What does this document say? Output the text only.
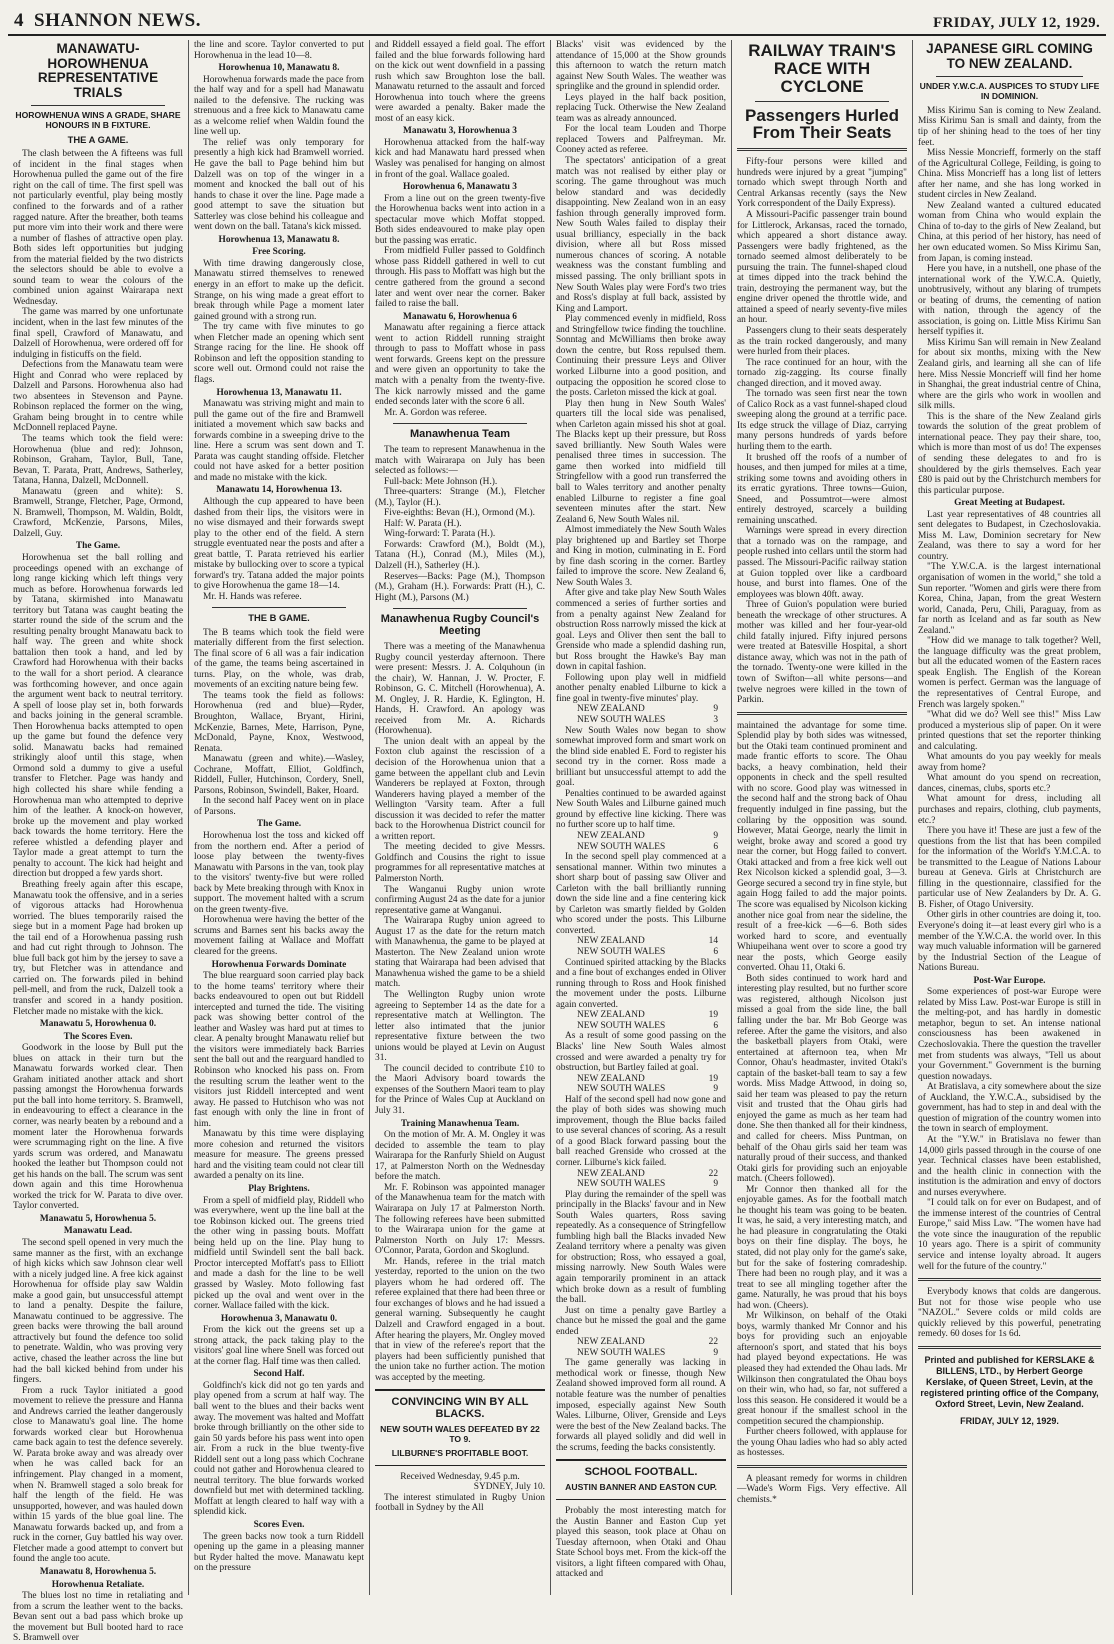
4 SHANNON NEWS.	FRIDAY, JULY 12, 1929.
MANAWATU-HOROWHENUA REPRESENTATIVE TRIALS
HOROWHENUA WINS A GRADE, SHARE HONOURS IN B FIXTURE.
THE A GAME.

The clash between the A fifteens was full of incident in the final stages when Horowhenua pulled the game out of the fire right on the call of time. The first spell was not particularly eventful, play being mostly confined to the forwards and of a rather ragged nature. After the breather, both teams put more vim into their work and there were a number of flashes of attractive open play. Both sides left opportunities but judging from the material fielded by the two districts the selectors should be able to evolve a sound team to wear the colours of the combined union against Wairarapa next Wednesday.

The game was marred by one unfortunate incident, when in the last few minutes of the final spell, Crawford of Manawatu, and Dalzell of Horowhenua, were ordered off for indulging in fisticuffs on the field.

Defections from the Manawatu team were Hight and Conrad who were replaced by Dalzell and Parsons. Horowhenua also had two absentees in Stevenson and Payne. Robinson replaced the former on the wing, Graham being brought in to centre while McDonnell replaced Payne.

The teams which took the field were: Horowhenua (blue and red): Johnson, Robinson, Graham, Taylor, Bull, Tane, Bevan, T. Parata, Pratt, Andrews, Satherley, Tatana, Hanna, Dalzell, McDonnell.

Manawatu (green and white): S. Bramwell, Strange, Fletcher, Page, Ormond, N. Bramwell, Thompson, M. Waldin, Boldt, Crawford, McKenzie, Parsons, Miles, Dalzell, Guy.

The Game.

Horowhenua set the ball rolling and proceedings opened with an exchange of long range kicking which left things very much as before. Horowhenua forwards led by Tatana, skirmished into Manawatu territory but Tatana was caught beating the starter round the side of the scrum and the resulting penalty brought Manawatu back to half way. The green and white shock battalion then took a hand, and led by Crawford had Horowhenua with their backs to the wall for a short period. A clearance was forthcoming however, and once again the argument went back to neutral territory. A spell of loose play set in, both forwards and backs joining in the general scramble. Then Horowhenua backs attempted to open up the game but found the defence very solid. Manawatu backs had remained strikingly aloof until this stage, when Ormond sold a dummy to give a useful transfer to Fletcher. Page was handy and high collected his share while fending a Horowhenua man who attempted to deprive him of the leather. A knock-on however, broke up the movement and play worked back towards the home territory. Here the referee whistled a defending player and Taylor made a great attempt to turn the penalty to account. The kick had height and direction but dropped a few yards short.

Breathing freely again after this escape, Manawatu took the offensive, and in a series of vigorous attacks had Horowhenua worried. The blues temporarily raised the siege but in a moment Page had broken up the tail end of a Horowhenua passing rush and had cut right through to Johnson. The blue full back got him by the jersey to save a try, but Fletcher was in attendance and carried on. The forwards piled in behind pell-mell, and from the ruck, Dalzell took a transfer and scored in a handy position. Fletcher made no mistake with the kick.

Manawatu 5, Horowhenua 0.

The Scores Even.

Goodwork in the loose by Bull put the blues on attack in their turn but the Manawatu forwards worked clear. Then Graham initiated another attack and short passing amongst the Horowhenua forwards put the ball into home territory. S. Bramwell, in endeavouring to effect a clearance in the corner, was nearly beaten by a rebound and a moment later the Horowhenua forwards were scrummaging right on the line. A five yards scrum was ordered, and Manawatu hooked the leather but Thompson could not get his hands on the ball. The scrum was sent down again and this time Horowhenua worked the trick for W. Parata to dive over. Taylor converted.

Manawatu 5, Horowhenua 5.

Manawatu Lead.

The second spell opened in very much the same manner as the first, with an exchange of high kicks which saw Johnson clear well with a nicely judged line. A free kick against Horowhenua for offside play saw Waldin make a good gain, but unsuccessful attempt to land a penalty. Despite the failure, Manawatu continued to be aggressive. The green backs were throwing the ball around attractively but found the defence too solid to penetrate. Waldin, who was proving very active, chased the leather across the line but had the ball kicked behind from under his fingers.

From a ruck Taylor initiated a good movement to relieve the pressure and Hanna and Andrews carried the leather dangerously close to Manawatu's goal line. The home forwards worked clear but Horowhenua came back again to test the defence severely. W. Parata broke away and was already over when he was called back for an infringement. Play changed in a moment, when N. Bramwell staged a solo break for half the length of the field. He was unsupported, however, and was hauled down within 15 yards of the blue goal line. The Manawatu forwards backed up, and from a ruck in the corner, Guy battled his way over. Fletcher made a good attempt to convert but found the angle too acute.

Manawatu 8, Horowhenua 5.

Horowhenua Retaliate.

The blues lost no time in retaliating and from a scrum the leather went to the backs. Bevan sent out a bad pass which broke up the movement but Bull booted hard to race S. Bramwell over

the line and score. Taylor converted to put Horowhenua in the lead 10—8.

Horowhenua 10, Manawatu 8.

Horowhenua forwards made the pace from the half way and for a spell had Manawatu nailed to the defensive. The rucking was strenuous and a free kick to Manawatu came as a welcome relief when Waldin found the line well up.

The relief was only temporary for presently a high kick had Bramwell worried. He gave the ball to Page behind him but Dalzell was on top of the winger in a moment and knocked the ball out of his hands to chase it over the line. Page made a good attempt to save the situation but Satterley was close behind his colleague and went down on the ball. Tatana's kick missed.

Horowhenua 13, Manawatu 8.

Free Scoring.

With time drawing dangerously close, Manawatu stirred themselves to renewed energy in an effort to make up the deficit. Strange, on his wing made a great effort to break through while Page a moment later gained ground with a strong run.

The try came with five minutes to go when Fletcher made an opening which sent Strange racing for the line. He shook off Robinson and left the opposition standing to score well out. Ormond could not raise the flags.

Horowhenua 13, Manawatu 11.

Manawatu was striving might and main to pull the game out of the fire and Bramwell initiated a movement which saw backs and forwards combine in a sweeping drive to the line. Here a scrum was sent down and T. Parata was caught standing offside. Fletcher could not have asked for a better position and made no mistake with the kick.

Manawatu 14, Horowhenua 13.

Although the cup appeared to have been dashed from their lips, the visitors were in no wise dismayed and their forwards swept play to the other end of the field. A stern struggle eventuated near the posts and after a great battle, T. Parata retrieved his earlier mistake by bullocking over to score a typical forward's try. Tatana added the major points to give Horowhenua the game 18—14.

Mr. H. Hands was referee.

THE B GAME.

The B teams which took the field were materially different from the first selection. The final score of 6 all was a fair indication of the game, the teams being ascertained in turns. Play, on the whole, was drab, movements of an exciting nature being few.

The teams took the field as follows: Horowhenua (red and blue)—Ryder, Broughton, Wallace, Bryant, Hirini, McKenzie, Barnes, Mete, Harrison, Pyne, McDonald, Payne, Knox, Westwood, Renata.

Manawatu (green and white).—Wasley, Cochrane, Moffatt, Elliot, Goldfinch, Riddell, Fuller, Hutchinson, Cordery, Snell, Parsons, Robinson, Swindell, Baker, Hoard.

In the second half Pacey went on in place of Parsons.

The Game.

Horowhenua lost the toss and kicked off from the northern end. After a period of loose play between the twenty-fives Manawatu with Parsons in the van, took play to the visitors' twenty-five but were rolled back by Mete breaking through with Knox in support. The movement halted with a scrum on the green twenty-five.

Horowhenua were having the better of the scrums and Barnes sent his backs away the movement failing at Wallace and Moffatt cleared for the greens.

Horowhenua Forwards Dominate

The blue rearguard soon carried play back to the home teams' territory where their backs endeavoured to open out but Riddell intercepted and turned the tide. The visiting pack was showing better control of the leather and Wasley was hard put at times to clear. A penalty brought Manawatu relief but the visitors were immediately back Barries sent the ball out and the rearguard handled to Robinson who knocked his pass on. From the resulting scrum the leather went to the visitors just Riddell intercepted and went away. He passed to Hutchison who was not fast enough with only the line in front of him.

Manawatu by this time were displaying more cohesion and returned the visitors measure for measure. The greens pressed hard and the visiting team could not clear till awarded a penalty on its line.

Play Brightens.

From a spell of midfield play, Riddell who was everywhere, went up the line ball at the toe Robinson kicked out. The greens tried the other wing in passing bouts. Moffatt being held up on the line. Play hung to midfield until Swindell sent the ball back. Proctor intercepted Moffatt's pass to Elliott and made a dash for the line to be well grassed by Wasley. Moto following fast picked up the oval and went over in the corner. Wallace failed with the kick.

Horowhenua 3, Manawatu 0.

From the kick out the greens set up a strong attack, the pack taking play to the visitors' goal line where Snell was forced out at the corner flag. Half time was then called.

Second Half.

Goldfinch's kick did not go ten yards and play opened from a scrum at half way. The ball went to the blues and their backs went away. The movement was halted and Moffatt broke through brilliantly on the other side to gain 50 yards before his pass went into open air. From a ruck in the blue twenty-five Riddell sent out a long pass which Cochrane could not gather and Horowhenua cleared to neutral territory. The blue forwards worked downfield but met with determined tackling. Moffatt at length cleared to half way with a splendid kick.

Scores Even.

The green backs now took a turn Riddell opening up the game in a pleasing manner but Ryder halted the move. Manawatu kept on the pressure

and Riddell essayed a field goal. The effort failed and the blue forwards following hard on the kick out went downfield in a passing rush which saw Broughton lose the ball. Manawatu returned to the assault and forced Horowhenua into touch where the greens were awarded a penalty. Baker made the most of an easy kick.

Manawatu 3, Horowhenua 3

Horowhenua attacked from the half-way kick and had Manawatu hard pressed when Wasley was penalised for hanging on almost in front of the goal. Wallace goaled.

Horowhenua 6, Manawatu 3

From a line out on the green twenty-five the Horowhenua backs went into action in a spectacular move which Moffat stopped. Both sides endeavoured to make play open but the passing was erratic.

From midfield Fuller passed to Goldfinch whose pass Riddell gathered in well to cut through. His pass to Moffatt was high but the centre gathered from the ground a second later and went over near the corner. Baker failed to raise the ball.

Manawatu 6, Horowhenua 6

Manawatu after regaining a fierce attack went to action Riddell running straight through to pass to Moffatt whose in pass went forwards. Greens kept on the pressure and were given an opportunity to take the match with a penalty from the twenty-five. The kick narrowly missed and the game ended seconds later with the score 6 all.

Mr. A. Gordon was referee.

Manawhenua Team

The team to represent Manawhenua in the match with Wairarapa on July has been selected as follows:—

Full-back: Mete Johnson (H.).

Three-quarters: Strange (M.), Fletcher (M.), Taylor (H.).

Five-eighths: Bevan (H.), Ormond (M.).

Half: W. Parata (H.).

Wing-forward: T. Parata (H.).

Forwards: Crawford (M.), Boldt (M.), Tatana (H.), Conrad (M.), Miles (M.), Dalzell (H.), Satherley (H.).

Reserves—Backs: Page (M.), Thompson (M.), Graham (H.). Forwards: Pratt (H.), C. Hight (M.), Parsons (M.)

Manawhenua Rugby Council's Meeting

There was a meeting of the Manawhenua Rugby council yesterday afternoon. There were present: Messrs. J. A. Colquhoun (in the chair), W. Hannan, J. W. Procter, F. Robinson, G. C. Mitchell (Horowhenua), A. M. Ongley, J. R. Hardie, K. Eglington, H. Hands, H. Crawford. An apology was received from Mr. A. Richards (Horowhenua).

The union dealt with an appeal by the Foxton club against the rescission of a decision of the Horowhenua union that a game between the appellant club and Levin Wanderers be replayed at Foxton, through Wanderers having played a member of the Wellington 'Varsity team. After a full discussion it was decided to refer the matter back to the Horowhenua District council for a written report.

The meeting decided to give Messrs. Goldfinch and Cousins the right to issue programmes for all representative matches at Palmerston North.

The Wanganui Rugby union wrote confirming August 24 as the date for a junior representative game at Wanganui.

The Wairarapa Rugby union agreed to August 17 as the date for the return match with Manawhenua, the game to be played at Masterton. The New Zealand union wrote stating that Wairarapa had been advised that Manawhenua wished the game to be a shield match.

The Wellington Rugby union wrote agreeing to September 14 as the date for a representative match at Wellington. The letter also intimated that the junior representative fixture between the two unions would be played at Levin on August 31.

The council decided to contribute £10 to the Maori Advisory board towards the expenses of the Southern Maori team to play for the Prince of Wales Cup at Auckland on July 31.

Training Manawhenua Team.

On the motion of Mr. A. M. Ongley it was decided to assemble the team to play Wairarapa for the Ranfurly Shield on August 17, at Palmerston North on the Wednesday before the match.

Mr. F. Robinson was appointed manager of the Manawhenua team for the match with Wairarapa on July 17 at Palmerston North. The following referees have been submitted to the Wairarapa union for the game at Palmerston North on July 17: Messrs. O'Connor, Parata, Gordon and Skoglund.

Mr. Hands, referee in the trial match yesterday, reported to the union on the two players whom he had ordered off. The referee explained that there had been three or four exchanges of blows and he had issued a general warning. Subsequently he caught Dalzell and Crawford engaged in a bout. After hearing the players, Mr. Ongley moved that in view of the referee's report that the players had been sufficiently punished that the union take no further action. The motion was accepted by the meeting.

CONVINCING WIN BY ALL BLACKS.
NEW SOUTH WALES DEFEATED BY 22 TO 9.
LILBURNE'S PROFITABLE BOOT.

Received Wednesday, 9.45 p.m.

SYDNEY, July 10.

The interest stimulated in Rugby Union football in Sydney by the All

Blacks' visit was evidenced by the attendance of 15,000 at the Show grounds this afternoon to watch the return match against New South Wales. The weather was springlike and the ground in splendid order.

Leys played in the half back position, replacing Tuck. Otherwise the New Zealand team was as already announced.

For the local team Louden and Thorpe replaced Towers and Palfreyman. Mr. Cooney acted as referee.

The spectators' anticipation of a great match was not realised by either play or scoring. The game throughout was much below standard and was decidedly disappointing. New Zealand won in an easy fashion through generally improved form. New South Wales failed to display their usual brilliancy, especially in the back division, where all but Ross missed numerous chances of scoring. A notable weakness was the constant fumbling and missed passing. The only brilliant spots in New South Wales play were Ford's two tries and Ross's display at full back, assisted by King and Lamport.

Play commenced evenly in midfield, Ross and Stringfellow twice finding the touchline. Sonntag and McWilliams then broke away down the centre, but Ross repulsed them. Continuing their pressure Leys and Oliver worked Lilburne into a good position, and outpacing the opposition he scored close to the posts. Carleton missed the kick at goal.

Play then hung in New South Wales' quarters till the local side was penalised, when Carleton again missed his shot at goal. The Blacks kept up their pressure, but Ross saved brilliantly. New South Wales were penalised three times in succession. The game then worked into midfield till Stringfellow with a good run transferred the ball to Wales territory and another penalty enabled Lilburne to register a fine goal seventeen minutes after the start. New Zealand 6, New South Wales nil.

Almost immediately the New South Wales play brightened up and Bartley set Thorpe and King in motion, culminating in E. Ford by fine dash scoring in the corner. Bartley failed to improve the score. New Zealand 6, New South Wales 3.

After give and take play New South Wales commenced a series of further sorties and from a penalty against New Zealand for obstruction Ross narrowly missed the kick at goal. Leys and Oliver then sent the ball to Grenside who made a splendid dashing run, but Ross brought the Hawke's Bay man down in capital fashion.

Following upon play well in midfield another penalty enabled Lilburne to kick a fine goal in twenty-five minutes' play.

NEW ZEALAND	9

NEW SOUTH WALES	3

New South Wales now began to show somewhat improved form and smart work on the blind side enabled E. Ford to register his second try in the corner. Ross made a brilliant but unsuccessful attempt to add the goal.

Penalties continued to be awarded against New South Wales and Lilburne gained much ground by effective line kicking. There was no further score up to half time.

NEW ZEALAND	9

NEW SOUTH WALES	6

In the second spell play commenced at a sensational manner. Within two minutes a short sharp bout of passing saw Oliver and Carleton with the ball brilliantly running down the side line and a fine centering kick by Carleton was smartly fielded by Golden who scored under the posts. This Lilburne converted.

NEW ZEALAND	14

NEW SOUTH WALES	6

Continued spirited attacking by the Blacks and a fine bout of exchanges ended in Oliver running through to Ross and Hook finished the movement under the posts. Lilburne again converted.

NEW ZEALAND	19

NEW SOUTH WALES	6

As a result of some good passing on the Blacks' line New South Wales almost crossed and were awarded a penalty try for obstruction, but Bartley failed at goal.

NEW ZEALAND	19

NEW SOUTH WALES	9

Half of the second spell had now gone and the play of both sides was showing much improvement, though the Blue backs failed to use several chances of scoring. As a result of a good Black forward passing bout the ball reached Grenside who crossed at the corner. Lilburne's kick failed.

NEW ZEALAND	22

NEW SOUTH WALES	9

Play during the remainder of the spell was principally in the Blacks' favour and in New South Wales quarters, Ross saving repeatedly. As a consequence of Stringfellow fumbling high ball the Blacks invaded New Zealand territory where a penalty was given for obstruction; Ross, who essayed a goal, missing narrowly. New South Wales were again temporarily prominent in an attack which broke down as a result of fumbling the ball.

Just on time a penalty gave Bartley a chance but he missed the goal and the game ended

NEW ZEALAND	22

NEW SOUTH WALES	9

The game generally was lacking in methodical work or finesse, though New Zealand showed improved form all round. A notable feature was the number of penalties imposed, especially against New South Wales. Lilburne, Oliver, Grenside and Leys were the best of the New Zealand backs. The forwards all played solidly and did well in the scrums, feeding the backs consistently.

SCHOOL FOOTBALL.
AUSTIN BANNER AND EASTON CUP.

Probably the most interesting match for the Austin Banner and Easton Cup yet played this season, took place at Ohau on Tuesday afternoon, when Otaki and Ohau State School boys met. From the kick-off the visitors, a light fifteen compared with Ohau, attacked and

RAILWAY TRAIN'S RACE WITH CYCLONE
Passengers Hurled From Their Seats

Fifty-four persons were killed and hundreds were injured by a great "jumping" tornado which swept through North and Central Arkansas recently (says the New York correspondent of the Daily Express).

A Missouri-Pacific passenger train bound for Littlerock, Arkansas, raced the tornado, which appeared a short distance away. Passengers were badly frightened, as the tornado seemed almost deliberately to be pursuing the train. The funnel-shaped cloud at times dipped into the track behind the train, destroying the permanent way, but the engine driver opened the throttle wide, and attained a speed of nearly seventy-five miles an hour.

Passengers clung to their seats desperately as the train rocked dangerously, and many were hurled from their places.

The race continued for an hour, with the tornado zig-zagging. Its course finally changed direction, and it moved away.

The tornado was seen first near the town of Calico Rock as a vast funnel-shaped cloud sweeping along the ground at a terrific pace. Its edge struck the village of Diaz, carrying many persons hundreds of yards before hurling them to the earth.

It brushed off the roofs of a number of houses, and then jumped for miles at a time, striking some towns and avoiding others in its erratic gyrations. Three towns—Guion, Sneed, and Possumtrot—were almost entirely destroyed, scarcely a building remaining unscathed.

Warnings were spread in every direction that a tornado was on the rampage, and people rushed into cellars until the storm had passed. The Missouri-Pacific railway station at Guion toppled over like a cardboard house, and burst into flames. One of the employees was blown 40ft. away.

Three of Guion's population were buried beneath the wreckage of other structures. A mother was killed and her four-year-old child fatally injured. Fifty injured persons were treated at Batesville Hospital, a short distance away, which was not in the path of the tornado. Twenty-one were killed in the town of Swifton—all white persons—and twelve negroes were killed in the town of Parkin.

maintained the advantage for some time. Splendid play by both sides was witnessed, but the Otaki team continued prominent and made frantic efforts to score. The Ohau backs, a heavy combination, held their opponents in check and the spell resulted with no score. Good play was witnessed in the second half and the strong back of Ohau frequently indulged in fine passing, but the collaring by the opposition was sound. However, Matai George, nearly the limit in weight, broke away and scored a good try near the corner, but Hogg failed to convert. Otaki attacked and from a free kick well out Rex Nicolson kicked a splendid goal, 3—3. George secured a second try in fine style, but again Hogg failed to add the major points. The score was equalised by Nicolson kicking another nice goal from near the sideline, the result of a free-kick —6—6. Both sides worked hard to score, and eventually Whiupeihana went over to score a good try near the posts, which George easily converted. Ohau 11, Otaki 6.

Both sides continued to work hard and interesting play resulted, but no further score was registered, although Nicolson just missed a goal from the side line, the ball falling under the bar. Mr Bob George was referee. After the game the visitors, and also the basketball players from Otaki, were entertained at afternoon tea, when Mr Connor, Ohau's headmaster, invited Otaki's captain of the basket-ball team to say a few words. Miss Madge Attwood, in doing so, said her team was pleased to pay the return visit and trusted that the Ohau girls had enjoyed the game as much as her team had done. She then thanked all for their kindness, and called for cheers. Miss Puntman, on behalf of the Ohau girls said her team was naturally proud of their success, and thanked Otaki girls for providing such an enjoyable match. (Cheers followed).

Mr Connor then thanked all for the enjoyable games. As for the football match he thought his team was going to be beaten. It was, he said, a very interesting match, and he had pleasure in congratulating the Otaki boys on their fine display. The boys, he stated, did not play only for the game's sake, but for the sake of fostering comradeship. There had been no rough play, and it was a treat to see all mingling together after the game. Naturally, he was proud that his boys had won. (Cheers).

Mr Wilkinson, on behalf of the Otaki boys, warmly thanked Mr Connor and his boys for providing such an enjoyable afternoon's sport, and stated that his boys had played beyond expectations. He was pleased they had extended the Ohau lads. Mr Wilkinson then congratulated the Ohau boys on their win, who had, so far, not suffered a loss this season. He considered it would be a great honour if the smallest school in the competition secured the championship.

Further cheers followed, with applause for the young Ohau ladies who had so ably acted as hostesses.

A pleasant remedy for worms in children—Wade's Worm Figs. Very effective. All chemists.*

JAPANESE GIRL COMING TO NEW ZEALAND.
UNDER Y.W.C.A. AUSPICES TO STUDY LIFE IN DOMINION.

Miss Kirimu San is coming to New Zealand. Miss Kirimu San is small and dainty, from the tip of her shining head to the toes of her tiny feet.

Miss Nessie Moncrieff, formerly on the staff of the Agricultural College, Feilding, is going to China. Miss Moncrieff has a long list of letters after her name, and she has long worked in student circles in New Zealand.

New Zealand wanted a cultured educated woman from China who would explain the China of to-day to the girls of New Zealand, but China, at this period of her history, has need of her own educated women. So Miss Kirimu San, from Japan, is coming instead.

Here you have, in a nutshell, one phase of the international work of the Y.W.C.A. Quietly, unobtrusively, without any blaring of trumpets or beating of drums, the cementing of nation with nation, through the agency of the association, is going on. Little Miss Kirimu San herself typifies it.

Miss Kirimu San will remain in New Zealand for about six months, mixing with the New Zealand girls, and learning all she can of life here. Miss Nessie Moncrieff will find her home in Shanghai, the great industrial centre of China, where are the girls who work in woollen and silk mills.

This is the share of the New Zealand girls towards the solution of the great problem of international peace. They pay their share, too, which is more than most of us do! The expenses of sending these delegates to and fro is shouldered by the girls themselves. Each year £80 is paid out by the Christchurch members for this particular purpose.

Great Meeting at Budapest.

Last year representatives of 48 countries all sent delegates to Budapest, in Czechoslovakia. Miss M. Law, Dominion secretary for New Zealand, was there to say a word for her country.

"The Y.W.C.A. is the largest international organisation of women in the world," she told a Sun reporter. "Women and girls were there from Korea, China, Japan, from the great Western world, Canada, Peru, Chili, Paraguay, from as far north as Iceland and as far south as New Zealand."

"How did we manage to talk together? Well, the language difficulty was the great problem, but all the educated women of the Eastern races speak English. The English of the Korean women is perfect. German was the language of the representatives of Central Europe, and French was largely spoken."

"What did we do? Well see this!" Miss Law produced a mysterious slip of paper. On it were printed questions that set the reporter thinking and calculating.

What amounts do you pay weekly for meals away from home?

What amount do you spend on recreation, dances, cinemas, clubs, sports etc.?

What amount for dress, including all purchases and repairs, clothing, club payments, etc.?

There you have it! These are just a few of the questions from the list that has been compiled for the information of the World's Y.M.C.A. to be transmitted to the League of Nations Labour bureau at Geneva. Girls at Christchurch are filling in the questionnaire, classified for the particular use of New Zealanders by Dr. A. G. B. Fisher, of Otago University.

Other girls in other countries are doing it, too. Everyone's doing it—at least every girl who is a member of the Y.W.C.A. the world over. In this way much valuable information will be garnered by the Industrial Section of the League of Nations Bureau.

Post-War Europe.

Some experiences of post-war Europe were related by Miss Law. Post-war Europe is still in the melting-pot, and has hardly in domestic metaphor, begun to set. An intense national consciousness has been awakened in Czechoslovakia. There the question the traveller met from students was always, "Tell us about your Government." Government is the burning question nowadays.

At Bratislava, a city somewhere about the size of Auckland, the Y.W.C.A., subsidised by the government, has had to step in and deal with the question of migration of the country women into the town in search of employment.

At the "Y.W." in Bratislava no fewer than 14,000 girls passed through in the course of one year. Technical classes have been established, and the health clinic in connection with the institution is the admiration and envy of doctors and nurses everywhere.

"I could talk on for ever on Budapest, and of the immense interest of the countries of Central Europe," said Miss Law. "The women have had the vote since the inauguration of the republic 10 years ago. There is a spirit of community service and intense loyalty abroad. It augers well for the future of the country."

Everybody knows that colds are dangerous. But not for those wise people who use "NAZOL." Severe colds or mild colds are quickly relieved by this powerful, penetrating remedy. 60 doses for 1s 6d.

Printed and published for KERSLAKE & BILLENS, LTD., by Herbert George Kerslake, of Queen Street, Levin, at the registered printing office of the Company, Oxford Street, Levin, New Zealand.
FRIDAY, JULY 12, 1929.
